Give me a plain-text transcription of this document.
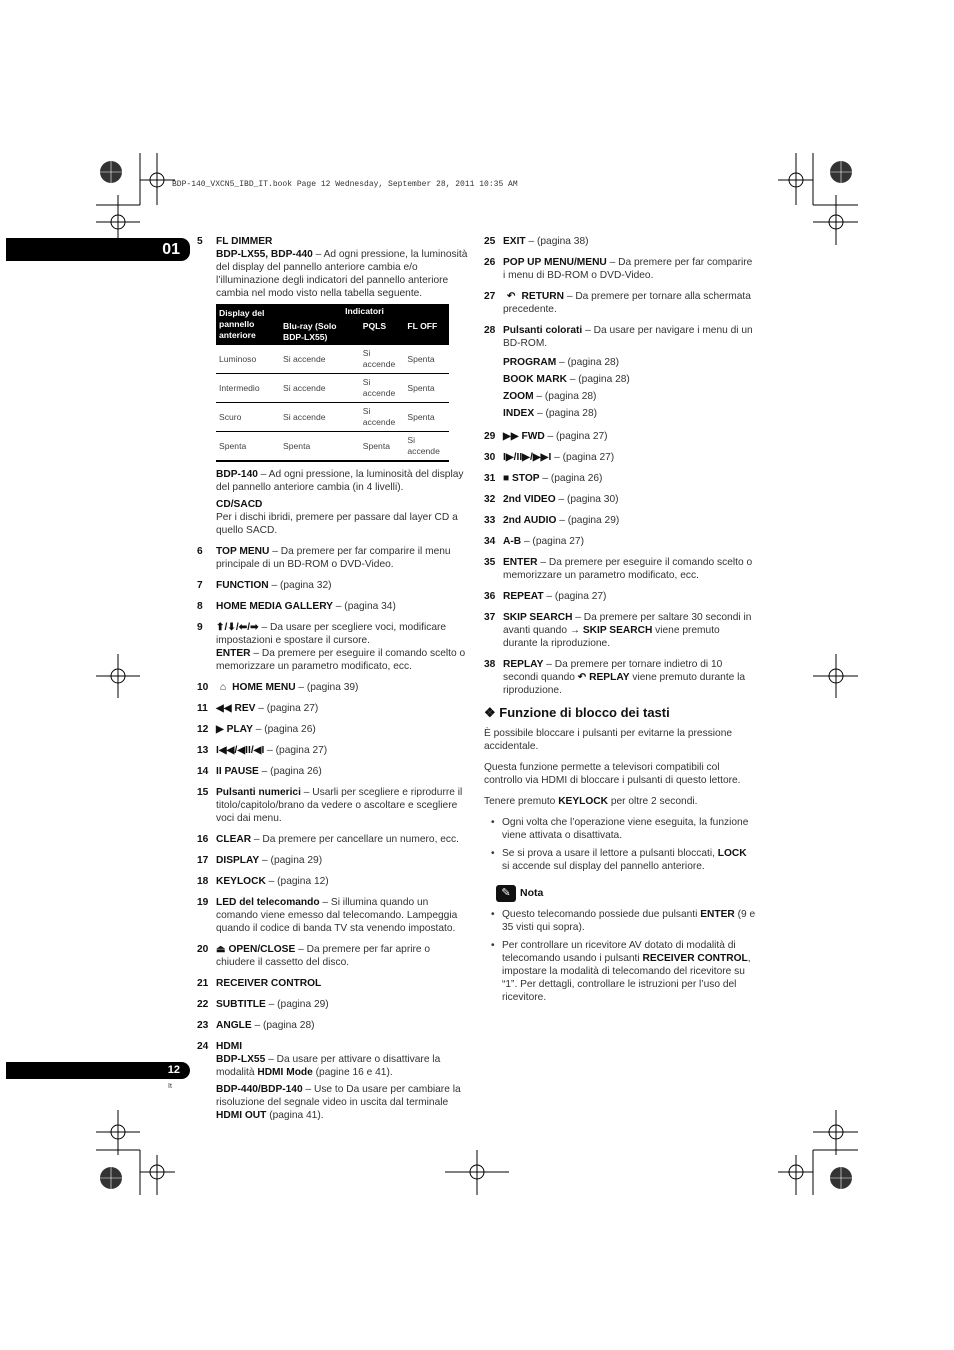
BDP-140_VXCN5_IBD_IT.book Page 12 Wednesday, September 28, 2011 10:35 AM
01
12
It
5 FL DIMMER
BDP-LX55, BDP-440 – Ad ogni pressione, la luminosità del display del pannello anteriore cambia e/o l’illuminazione degli indicatori del pannello anteriore cambia nel modo visto nella tabella seguente.
Display del pannello anteriore	Indicatori		
	Blu-ray (Solo BDP-LX55)	PQLS	FL OFF
Luminoso	Si accende	Si accende	Spenta
Intermedio	Si accende	Si accende	Spenta
Scuro	Si accende	Si accende	Spenta
Spenta	Spenta	Spenta	Si accende
BDP-140 – Ad ogni pressione, la luminosità del display del pannello anteriore cambia (in 4 livelli).
CD/SACD
Per i dischi ibridi, premere per passare dal layer CD a quello SACD.
6 TOP MENU – Da premere per far comparire il menu principale di un BD-ROM o DVD-Video.
7 FUNCTION – (pagina 32)
8 HOME MEDIA GALLERY – (pagina 34)
9 ⬆/⬇/⬅/➡ – Da usare per scegliere voci, modificare impostazioni e spostare il cursore.
ENTER – Da premere per eseguire il comando scelto o memorizzare un parametro modificato, ecc.
10 ⌂ HOME MENU – (pagina 39)
11 ◀◀ REV – (pagina 27)
12 ▶ PLAY – (pagina 26)
13 I◀◀/◀II/◀I – (pagina 27)
14 II PAUSE – (pagina 26)
15 Pulsanti numerici – Usarli per scegliere e riprodurre il titolo/capitolo/brano da vedere o ascoltare e scegliere voci dai menu.
16 CLEAR – Da premere per cancellare un numero, ecc.
17 DISPLAY – (pagina 29)
18 KEYLOCK – (pagina 12)
19 LED del telecomando – Si illumina quando un comando viene emesso dal telecomando. Lampeggia quando il codice di banda TV sta venendo impostato.
20 ⏏ OPEN/CLOSE – Da premere per far aprire o chiudere il cassetto del disco.
21 RECEIVER CONTROL
22 SUBTITLE – (pagina 29)
23 ANGLE – (pagina 28)
24 HDMI
BDP-LX55 – Da usare per attivare o disattivare la modalità HDMI Mode (pagine 16 e 41).
BDP-440/BDP-140 – Use to Da usare per cambiare la risoluzione del segnale video in uscita dal terminale HDMI OUT (pagina 41).
25 EXIT – (pagina 38)
26 POP UP MENU/MENU – Da premere per far comparire i menu di BD-ROM o DVD-Video.
27 ↶ RETURN – Da premere per tornare alla schermata precedente.
28 Pulsanti colorati – Da usare per navigare i menu di un BD-ROM.
PROGRAM – (pagina 28)
BOOK MARK – (pagina 28)
ZOOM – (pagina 28)
INDEX – (pagina 28)
29 ▶▶ FWD – (pagina 27)
30 I▶/II▶/▶▶I – (pagina 27)
31 ■ STOP – (pagina 26)
32 2nd VIDEO – (pagina 30)
33 2nd AUDIO – (pagina 29)
34 A-B – (pagina 27)
35 ENTER – Da premere per eseguire il comando scelto o memorizzare un parametro modificato, ecc.
36 REPEAT – (pagina 27)
37 SKIP SEARCH – Da premere per saltare 30 secondi in avanti quando → SKIP SEARCH viene premuto durante la riproduzione.
38 REPLAY – Da premere per tornare indietro di 10 secondi quando ↶ REPLAY viene premuto durante la riproduzione.
❖ Funzione di blocco dei tasti
È possibile bloccare i pulsanti per evitarne la pressione accidentale.
Questa funzione permette a televisori compatibili col controllo via HDMI di bloccare i pulsanti di questo lettore.
Tenere premuto KEYLOCK per oltre 2 secondi.
• Ogni volta che l’operazione viene eseguita, la funzione viene attivata o disattivata.
• Se si prova a usare il lettore a pulsanti bloccati, LOCK si accende sul display del pannello anteriore.
✎ Nota
• Questo telecomando possiede due pulsanti ENTER (9 e 35 visti qui sopra).
• Per controllare un ricevitore AV dotato di modalità di telecomando usando i pulsanti RECEIVER CONTROL, impostare la modalità di telecomando del ricevitore su “1”. Per dettagli, controllare le istruzioni per l’uso del ricevitore.
